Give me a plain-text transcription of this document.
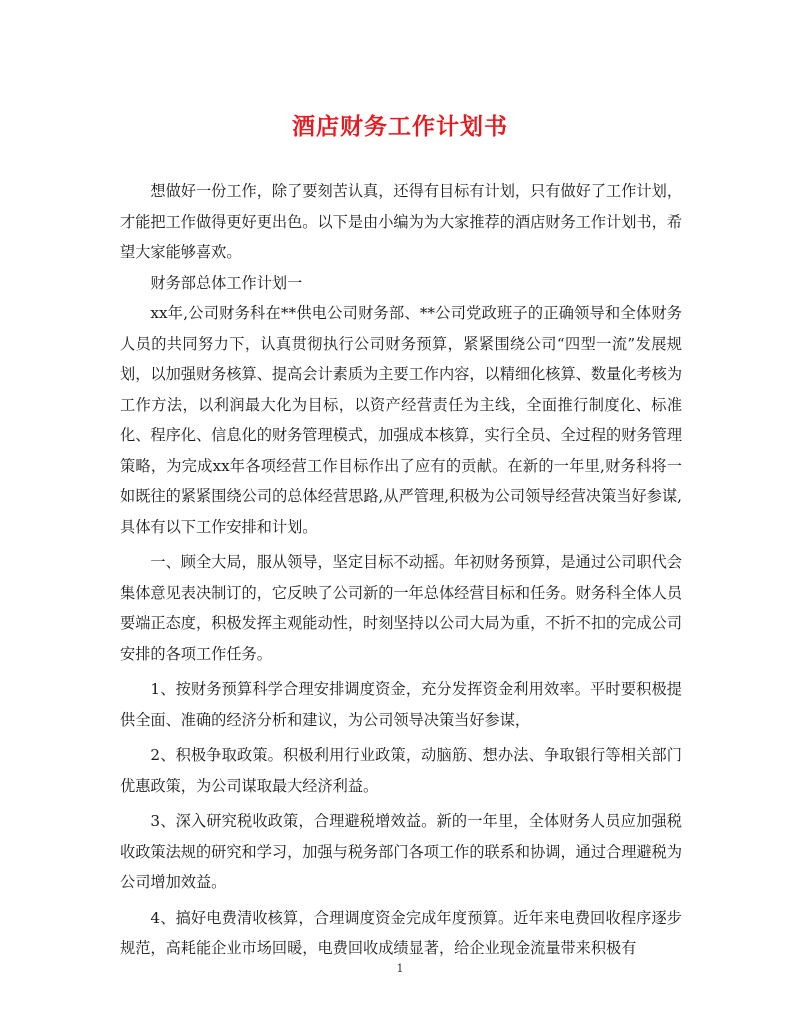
酒店财务工作计划书

想做好一份工作，除了要刻苦认真，还得有目标有计划，只有做好了工作计划，才能把工作做得更好更出色。以下是由小编为为大家推荐的酒店财务工作计划书，希望大家能够喜欢。

财务部总体工作计划一

xx年,公司财务科在**供电公司财务部、**公司党政班子的正确领导和全体财务人员的共同努力下，认真贯彻执行公司财务预算，紧紧围绕公司“四型一流”发展规划，以加强财务核算、提高会计素质为主要工作内容，以精细化核算、数量化考核为工作方法，以利润最大化为目标，以资产经营责任为主线，全面推行制度化、标准化、程序化、信息化的财务管理模式，加强成本核算，实行全员、全过程的财务管理策略，为完成xx年各项经营工作目标作出了应有的贡献。在新的一年里,财务科将一如既往的紧紧围绕公司的总体经营思路,从严管理,积极为公司领导经营决策当好参谋,具体有以下工作安排和计划。

一、顾全大局，服从领导，坚定目标不动摇。年初财务预算，是通过公司职代会集体意见表决制订的，它反映了公司新的一年总体经营目标和任务。财务科全体人员要端正态度，积极发挥主观能动性，时刻坚持以公司大局为重，不折不扣的完成公司安排的各项工作任务。

1、按财务预算科学合理安排调度资金，充分发挥资金利用效率。平时要积极提供全面、准确的经济分析和建议，为公司领导决策当好参谋，

2、积极争取政策。积极利用行业政策，动脑筋、想办法、争取银行等相关部门优惠政策，为公司谋取最大经济利益。

3、深入研究税收政策，合理避税增效益。新的一年里，全体财务人员应加强税收政策法规的研究和学习，加强与税务部门各项工作的联系和协调，通过合理避税为公司增加效益。

4、搞好电费清收核算，合理调度资金完成年度预算。近年来电费回收程序逐步规范，高耗能企业市场回暖，电费回收成绩显著，给企业现金流量带来积极有

1
